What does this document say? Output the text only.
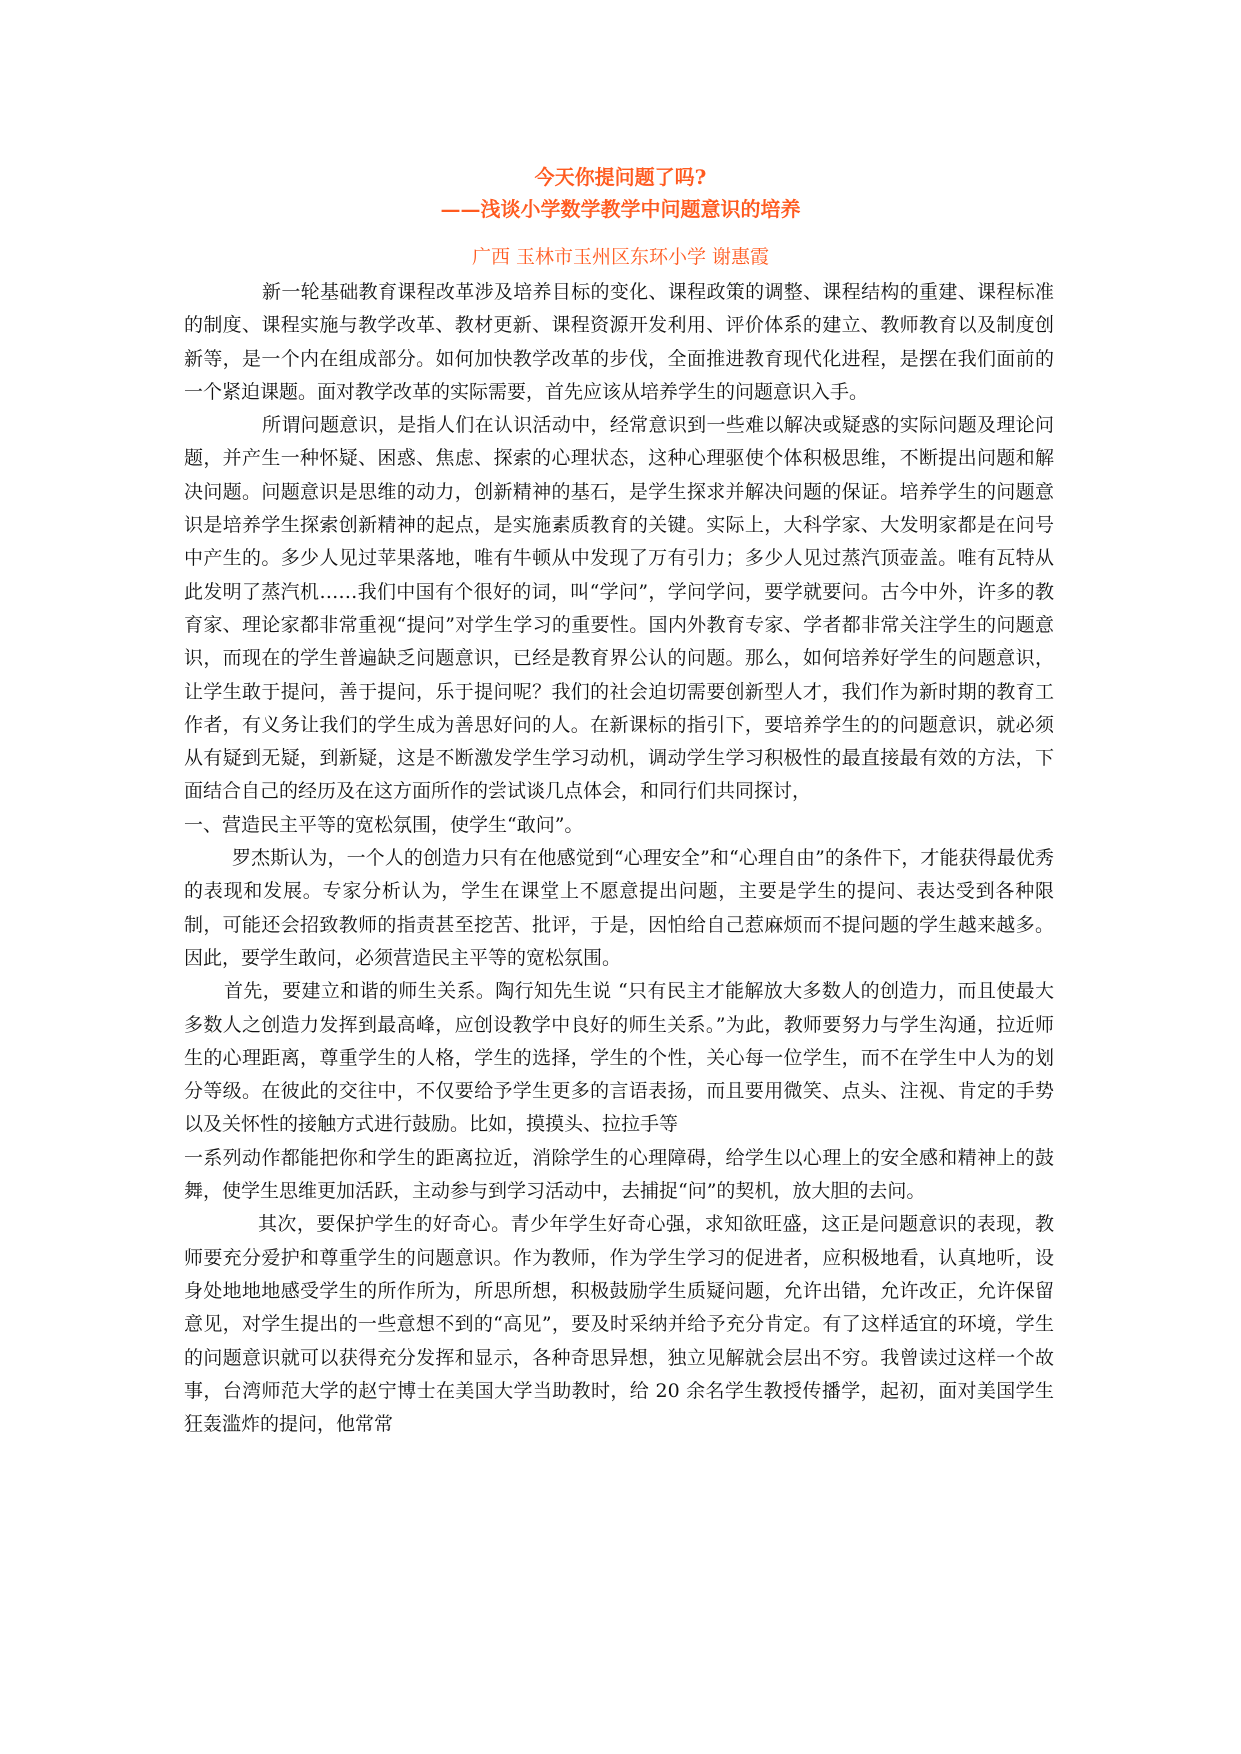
今天你提问题了吗?
——浅谈小学数学教学中问题意识的培养

广西 玉林市玉州区东环小学 谢惠霞

新一轮基础教育课程改革涉及培养目标的变化、课程政策的调整、课程结构的重建、课程标准的制度、课程实施与教学改革、教材更新、课程资源开发利用、评价体系的建立、教师教育以及制度创新等，是一个内在组成部分。如何加快教学改革的步伐，全面推进教育现代化进程，是摆在我们面前的一个紧迫课题。面对教学改革的实际需要，首先应该从培养学生的问题意识入手。

所谓问题意识，是指人们在认识活动中，经常意识到一些难以解决或疑惑的实际问题及理论问题，并产生一种怀疑、困惑、焦虑、探索的心理状态，这种心理驱使个体积极思维，不断提出问题和解决问题。问题意识是思维的动力，创新精神的基石，是学生探求并解决问题的保证。培养学生的问题意识是培养学生探索创新精神的起点，是实施素质教育的关键。实际上，大科学家、大发明家都是在问号中产生的。多少人见过苹果落地，唯有牛顿从中发现了万有引力；多少人见过蒸汽顶壶盖。唯有瓦特从此发明了蒸汽机……我们中国有个很好的词，叫“学问”，学问学问，要学就要问。古今中外，许多的教育家、理论家都非常重视“提问”对学生学习的重要性。国内外教育专家、学者都非常关注学生的问题意识，而现在的学生普遍缺乏问题意识，已经是教育界公认的问题。那么，如何培养好学生的问题意识，让学生敢于提问，善于提问，乐于提问呢？我们的社会迫切需要创新型人才，我们作为新时期的教育工作者，有义务让我们的学生成为善思好问的人。在新课标的指引下，要培养学生的的问题意识，就必须从有疑到无疑，到新疑，这是不断激发学生学习动机，调动学生学习积极性的最直接最有效的方法，下面结合自己的经历及在这方面所作的尝试谈几点体会，和同行们共同探讨，

一、营造民主平等的宽松氛围，使学生“敢问”。

罗杰斯认为，一个人的创造力只有在他感觉到“心理安全”和“心理自由”的条件下，才能获得最优秀的表现和发展。专家分析认为，学生在课堂上不愿意提出问题，主要是学生的提问、表达受到各种限制，可能还会招致教师的指责甚至挖苦、批评，于是，因怕给自己惹麻烦而不提问题的学生越来越多。因此，要学生敢问，必须营造民主平等的宽松氛围。

首先，要建立和谐的师生关系。陶行知先生说 “只有民主才能解放大多数人的创造力，而且使最大多数人之创造力发挥到最高峰，应创设教学中良好的师生关系。”为此，教师要努力与学生沟通，拉近师生的心理距离，尊重学生的人格，学生的选择，学生的个性，关心每一位学生，而不在学生中人为的划分等级。在彼此的交往中，不仅要给予学生更多的言语表扬，而且要用微笑、点头、注视、肯定的手势以及关怀性的接触方式进行鼓励。比如，摸摸头、拉拉手等

一系列动作都能把你和学生的距离拉近，消除学生的心理障碍，给学生以心理上的安全感和精神上的鼓舞，使学生思维更加活跃，主动参与到学习活动中，去捕捉“问”的契机，放大胆的去问。

其次，要保护学生的好奇心。青少年学生好奇心强，求知欲旺盛，这正是问题意识的表现，教师要充分爱护和尊重学生的问题意识。作为教师，作为学生学习的促进者，应积极地看，认真地听，设身处地地地感受学生的所作所为，所思所想，积极鼓励学生质疑问题，允许出错，允许改正，允许保留意见，对学生提出的一些意想不到的“高见”，要及时采纳并给予充分肯定。有了这样适宜的环境，学生的问题意识就可以获得充分发挥和显示，各种奇思异想，独立见解就会层出不穷。我曾读过这样一个故事，台湾师范大学的赵宁博士在美国大学当助教时，给 20 余名学生教授传播学，起初，面对美国学生狂轰滥炸的提问，他常常
